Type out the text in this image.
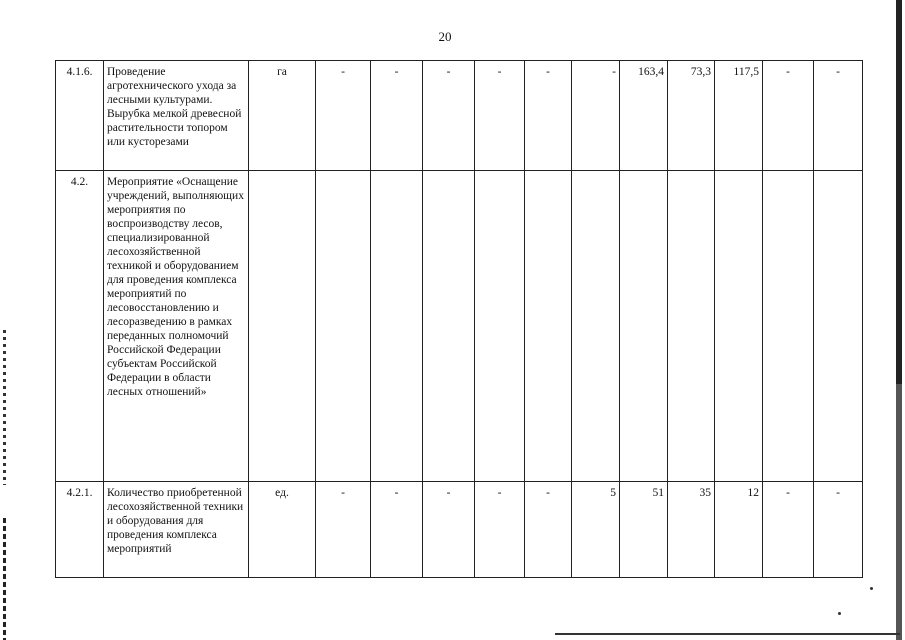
20
4.1.6.	Проведение агротехнического ухода за лесными культурами. Вырубка мелкой древесной растительности топором или кусторезами	га	-	-	-	-	-	-	163,4	73,3	117,5	-	-
4.2.	Мероприятие «Оснащение учреждений, выполняющих мероприятия по воспроизводству лесов, специализированной лесохозяйственной техникой и оборудованием для проведения комплекса мероприятий по лесовосстановлению и лесоразведению в рамках переданных полномочий Российской Федерации субъектам Российской Федерации в области лесных отношений»												
4.2.1.	Количество приобретенной лесохозяйственной техники и оборудования для проведения комплекса мероприятий	ед.	-	-	-	-	-	5	51	35	12	-	-
